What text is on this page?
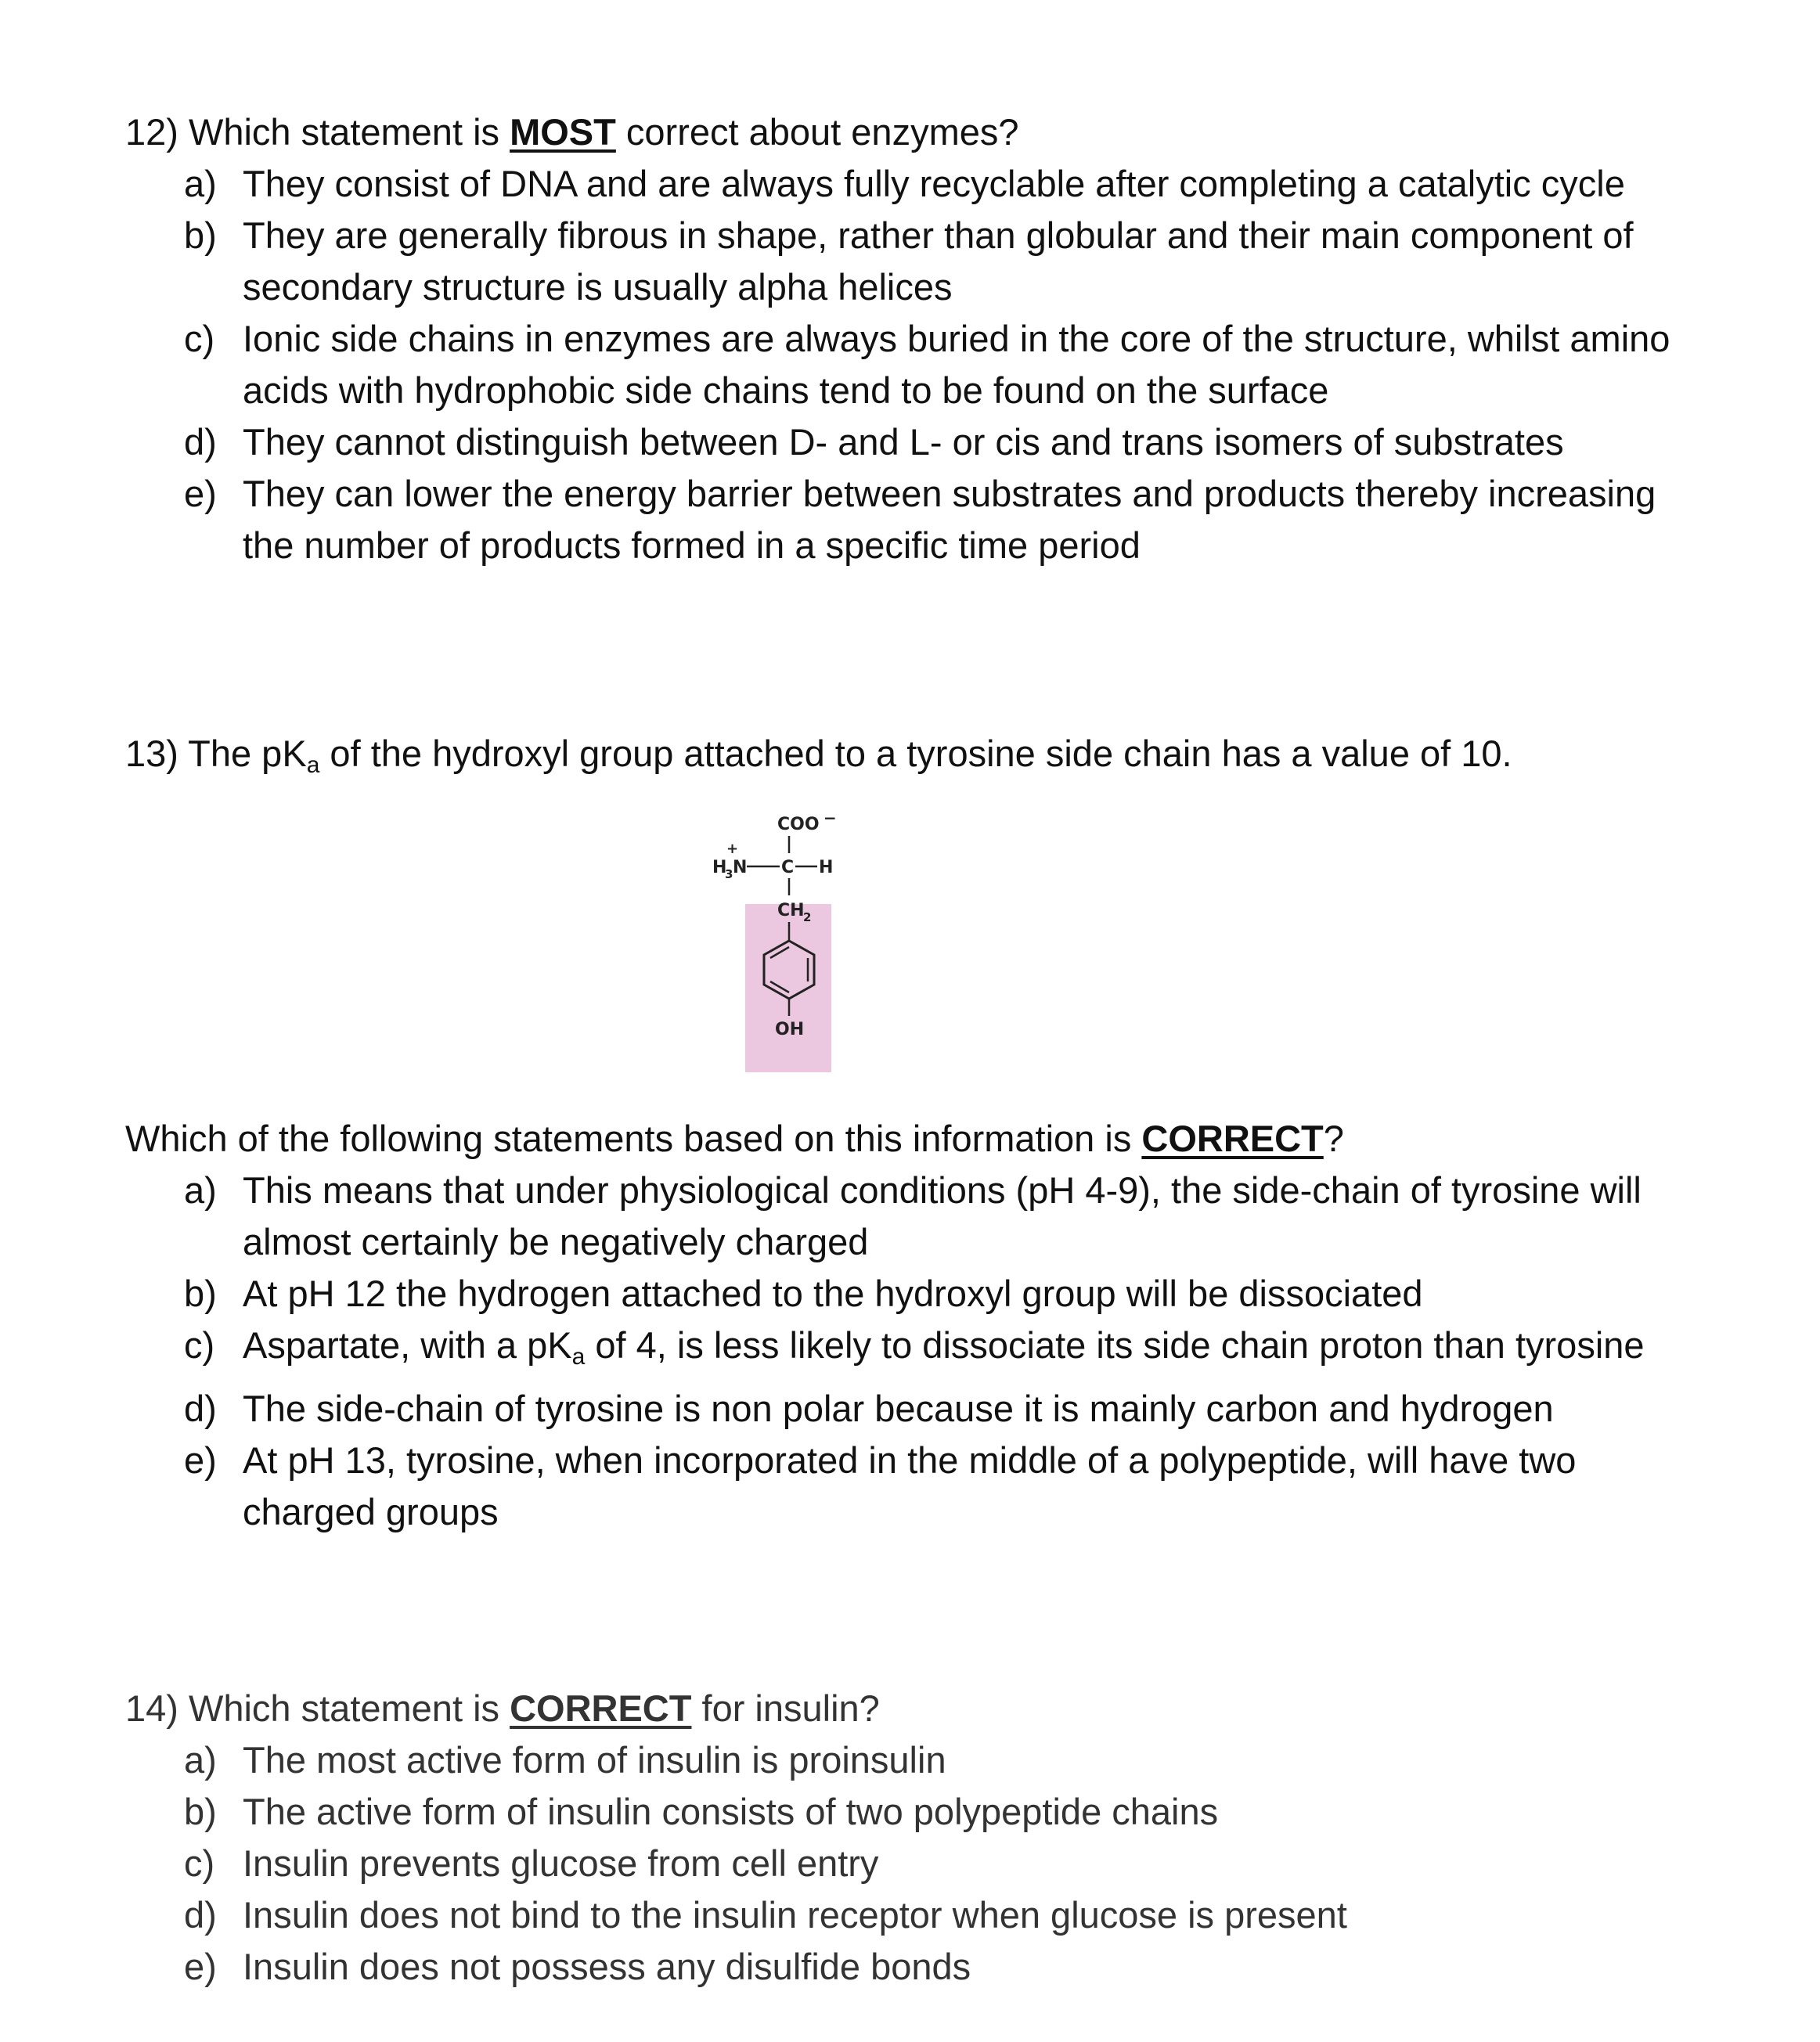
12) Which statement is MOST correct about enzymes?
a) They consist of DNA and are always fully recyclable after completing a catalytic cycle
b) They are generally fibrous in shape, rather than globular and their main component of secondary structure is usually alpha helices
c) Ionic side chains in enzymes are always buried in the core of the structure, whilst amino acids with hydrophobic side chains tend to be found on the surface
d) They cannot distinguish between D- and L- or cis and trans isomers of substrates
e) They can lower the energy barrier between substrates and products thereby increasing the number of products formed in a specific time period
13) The $pK_a$ of the hydroxyl group attached to a tyrosine side chain has a value of 10.
COO −
+
H
3 N C H
CH
2
OH
Which of the following statements based on this information is CORRECT?
a) This means that under physiological conditions (pH 4-9), the side-chain of tyrosine will almost certainly be negatively charged
b) At pH 12 the hydrogen attached to the hydroxyl group will be dissociated
c) Aspartate, with a $pK_a$ of 4, is less likely to dissociate its side chain proton than tyrosine
d) The side-chain of tyrosine is non polar because it is mainly carbon and hydrogen
e) At pH 13, tyrosine, when incorporated in the middle of a polypeptide, will have two charged groups
14) Which statement is CORRECT for insulin?
a) The most active form of insulin is proinsulin
b) The active form of insulin consists of two polypeptide chains
c) Insulin prevents glucose from cell entry
d) Insulin does not bind to the insulin receptor when glucose is present
e) Insulin does not possess any disulfide bonds
